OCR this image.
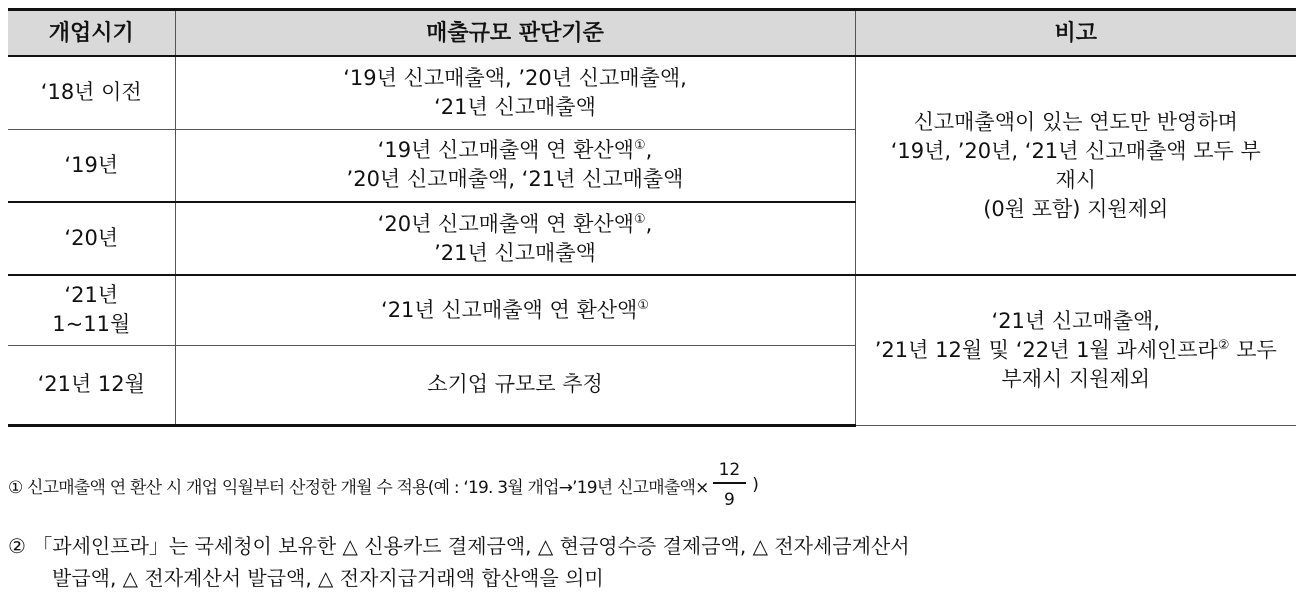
개업시기	매출규모 판단기준	비고
‘18년 이전	‘19년 신고매출액, ’20년 신고매출액,
‘21년 신고매출액	신고매출액이 있는 연도만 반영하며
‘19년, ’20년, ‘21년 신고매출액 모두 부
재시
(0원 포함) 지원제외

‘19년	‘19년 신고매출액 연 환산액①,
’20년 신고매출액, ‘21년 신고매출액	

‘20년	‘20년 신고매출액 연 환산액①,
’21년 신고매출액	

‘21년
1~11월	‘21년 신고매출액 연 환산액①	‘21년 신고매출액,
’21년 12월 및 ‘22년 1월 과세인프라② 모두
부재시 지원제외

‘21년 12월	소기업 규모로 추정	
① 신고매출액 연 환산 시 개업 익월부터 산정한 개월 수 적용(예 : ‘19. 3월 개업→’19년 신고매출액× $\frac{12}{9}$ )
② 「과세인프라」는 국세청이 보유한 △ 신용카드 결제금액, △ 현금영수증 결제금액, △ 전자세금계산서
발급액, △ 전자계산서 발급액, △ 전자지급거래액 합산액을 의미
